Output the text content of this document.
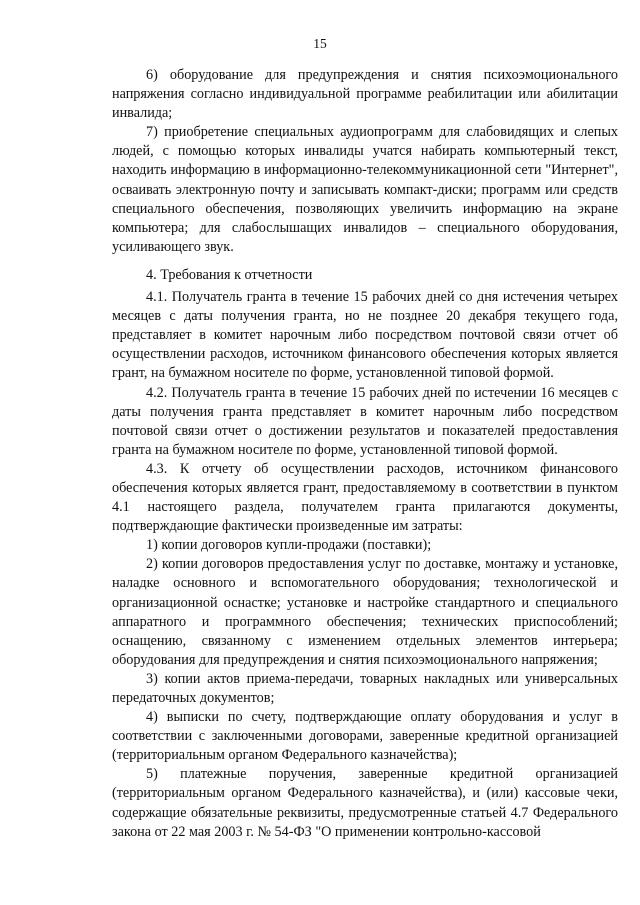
15

6) оборудование для предупреждения и снятия психоэмоционального напряжения согласно индивидуальной программе реабилитации или абилитации инвалида;

7) приобретение специальных аудиопрограмм для слабовидящих и слепых людей, с помощью которых инвалиды учатся набирать компьютерный текст, находить информацию в информационно-телекоммуникационной сети "Интернет", осваивать электронную почту и записывать компакт-диски; программ или средств специального обеспечения, позволяющих увеличить информацию на экране компьютера; для слабослышащих инвалидов – специального оборудования, усиливающего звук.

4. Требования к отчетности

4.1. Получатель гранта в течение 15 рабочих дней со дня истечения четырех месяцев с даты получения гранта, но не позднее 20 декабря текущего года, представляет в комитет нарочным либо посредством почтовой связи отчет об осуществлении расходов, источником финансового обеспечения которых является грант, на бумажном носителе по форме, установленной типовой формой.

4.2. Получатель гранта в течение 15 рабочих дней по истечении 16 месяцев с даты получения гранта представляет в комитет нарочным либо посредством почтовой связи отчет о достижении результатов и показателей предоставления гранта на бумажном носителе по форме, установленной типовой формой.

4.3. К отчету об осуществлении расходов, источником финансового обеспечения которых является грант, предоставляемому в соответствии в пунктом 4.1 настоящего раздела, получателем гранта прилагаются документы, подтверждающие фактически произведенные им затраты:

1) копии договоров купли-продажи (поставки);

2) копии договоров предоставления услуг по доставке, монтажу и установке, наладке основного и вспомогательного оборудования; технологической и организационной оснастке; установке и настройке стандартного и специального аппаратного и программного обеспечения; технических приспособлений; оснащению, связанному с изменением отдельных элементов интерьера; оборудования для предупреждения и снятия психоэмоционального напряжения;

3) копии актов приема-передачи, товарных накладных или универсальных передаточных документов;

4) выписки по счету, подтверждающие оплату оборудования и услуг в соответствии с заключенными договорами, заверенные кредитной организацией (территориальным органом Федерального казначейства);

5) платежные поручения, заверенные кредитной организацией (территориальным органом Федерального казначейства), и (или) кассовые чеки, содержащие обязательные реквизиты, предусмотренные статьей 4.7 Федерального закона от 22 мая 2003 г. № 54-ФЗ "О применении контрольно-кассовой
